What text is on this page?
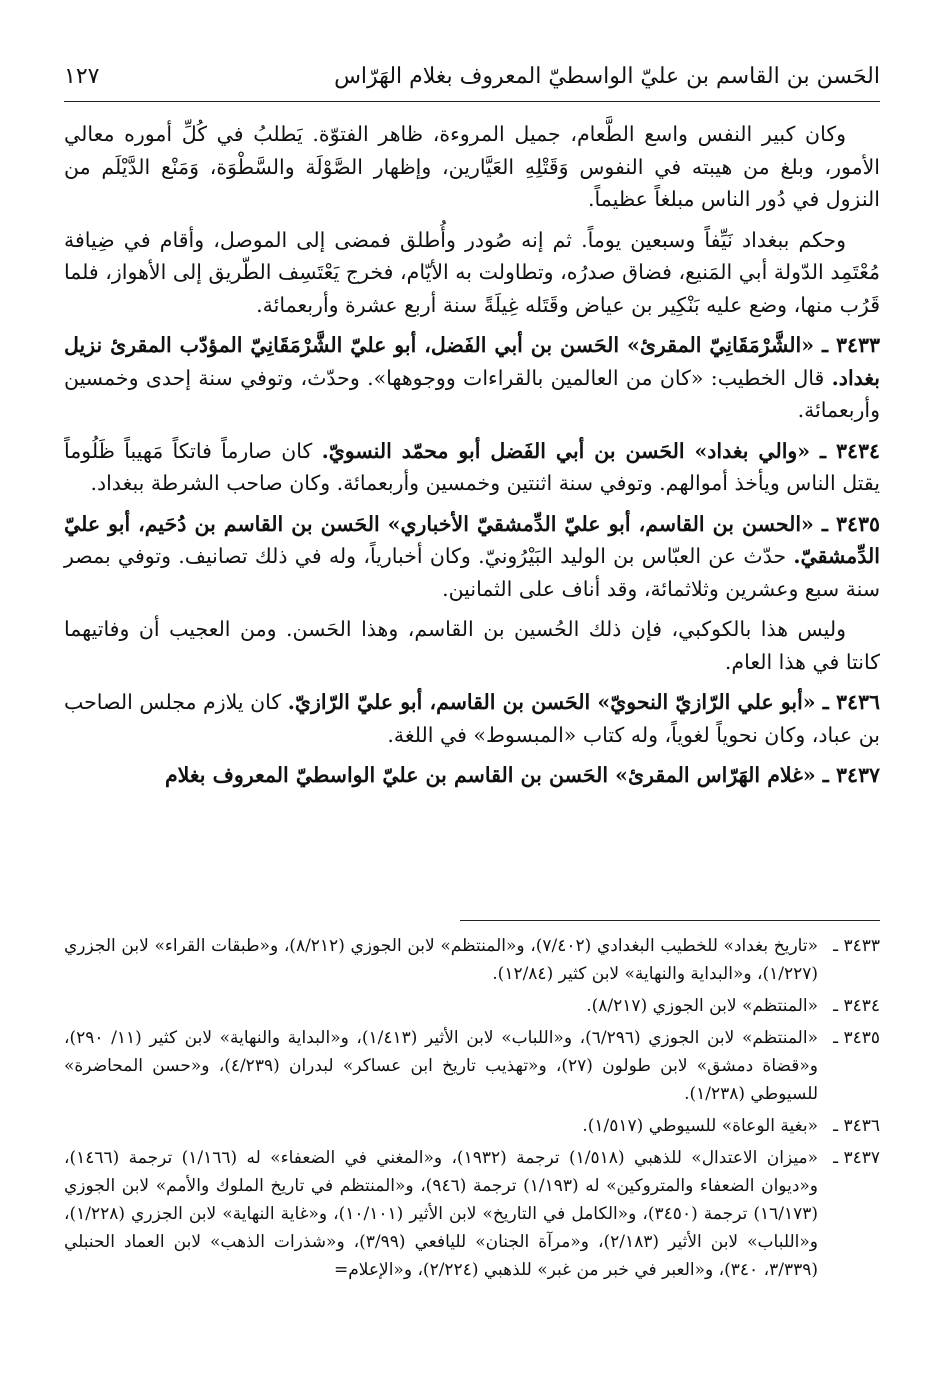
الحَسن بن القاسم بن عليّ الواسطيّ المعروف بغلام الهَرّاس
١٢٧

وكان كبير النفس واسع الطَّعام، جميل المروءة، ظاهر الفتوّة. يَطلبُ في كُلِّ أموره معالي الأمور، وبلغ من هيبته في النفوس وَقَتْلِهِ العَيَّارين، وإظهار الصَّوْلَة والسَّطْوَة، وَمَنْع الدَّيْلَم من النزول في دُور الناس مبلغاً عظيماً.

وحكم ببغداد نَيِّفاً وسبعين يوماً. ثم إنه صُودر وأُطلق فمضى إلى الموصل، وأقام في ضِيافة مُعْتَمِد الدّولة أبي المَنيع، فضاق صدرُه، وتطاولت به الأيّام، فخرج يَعْتَسِف الطّريق إلى الأهواز، فلما قَرُب منها، وضع عليه بَنْكِير بن عياض وقَتَله غِيلَةً سنة أربع عشرة وأربعمائة.

٣٤٣٣ ـ «الشَّرْمَقَانِيّ المقرئ» الحَسن بن أبي الفَضل، أبو عليّ الشَّرْمَقَانِيّ المؤدّب المقرئ نزيل بغداد. قال الخطيب: «كان من العالمين بالقراءات ووجوهها». وحدّث، وتوفي سنة إحدى وخمسين وأربعمائة.

٣٤٣٤ ـ «والي بغداد» الحَسن بن أبي الفَضل أبو محمّد النسويّ. كان صارماً فاتكاً مَهيباً ظَلُوماً يقتل الناس ويأخذ أموالهم. وتوفي سنة اثنتين وخمسين وأربعمائة. وكان صاحب الشرطة ببغداد.

٣٤٣٥ ـ «الحسن بن القاسم، أبو عليّ الدِّمشقيّ الأخباري» الحَسن بن القاسم بن دُحَيم، أبو عليّ الدِّمشقيّ. حدّث عن العبّاس بن الوليد البَيْرُونيّ. وكان أخبارياً، وله في ذلك تصانيف. وتوفي بمصر سنة سبع وعشرين وثلاثمائة، وقد أناف على الثمانين.

وليس هذا بالكوكبي، فإن ذلك الحُسين بن القاسم، وهذا الحَسن. ومن العجيب أن وفاتيهما كانتا في هذا العام.

٣٤٣٦ ـ «أبو علي الرّازيّ النحويّ» الحَسن بن القاسم، أبو عليّ الرّازيّ. كان يلازم مجلس الصاحب بن عباد، وكان نحوياً لغوياً، وله كتاب «المبسوط» في اللغة.

٣٤٣٧ ـ «غلام الهَرّاس المقرئ» الحَسن بن القاسم بن عليّ الواسطيّ المعروف بغلام

٣٤٣٣ ـ
«تاريخ بغداد» للخطيب البغدادي (٧/٤٠٢)، و«المنتظم» لابن الجوزي (٨/٢١٢)، و«طبقات القراء» لابن الجزري (١/٢٢٧)، و«البداية والنهاية» لابن كثير (١٢/٨٤).
٣٤٣٤ ـ
«المنتظم» لابن الجوزي (٨/٢١٧).
٣٤٣٥ ـ
«المنتظم» لابن الجوزي (٦/٢٩٦)، و«اللباب» لابن الأثير (١/٤١٣)، و«البداية والنهاية» لابن كثير (١١/ ٢٩٠)، و«قضاة دمشق» لابن طولون (٢٧)، و«تهذيب تاريخ ابن عساكر» لبدران (٤/٢٣٩)، و«حسن المحاضرة» للسيوطي (١/٢٣٨).
٣٤٣٦ ـ
«بغية الوعاة» للسيوطي (١/٥١٧).
٣٤٣٧ ـ
«ميزان الاعتدال» للذهبي (١/٥١٨) ترجمة (١٩٣٢)، و«المغني في الضعفاء» له (١/١٦٦) ترجمة (١٤٦٦)، و«ديوان الضعفاء والمتروكين» له (١/١٩٣) ترجمة (٩٤٦)، و«المنتظم في تاريخ الملوك والأمم» لابن الجوزي (١٦/١٧٣) ترجمة (٣٤٥٠)، و«الكامل في التاريخ» لابن الأثير (١٠/١٠١)، و«غاية النهاية» لابن الجزري (١/٢٢٨)، و«اللباب» لابن الأثير (٢/١٨٣)، و«مرآة الجنان» لليافعي (٣/٩٩)، و«شذرات الذهب» لابن العماد الحنبلي (٣/٣٣٩، ٣٤٠)، و«العبر في خبر من غبر» للذهبي (٢/٢٢٤)، و«الإعلام=
